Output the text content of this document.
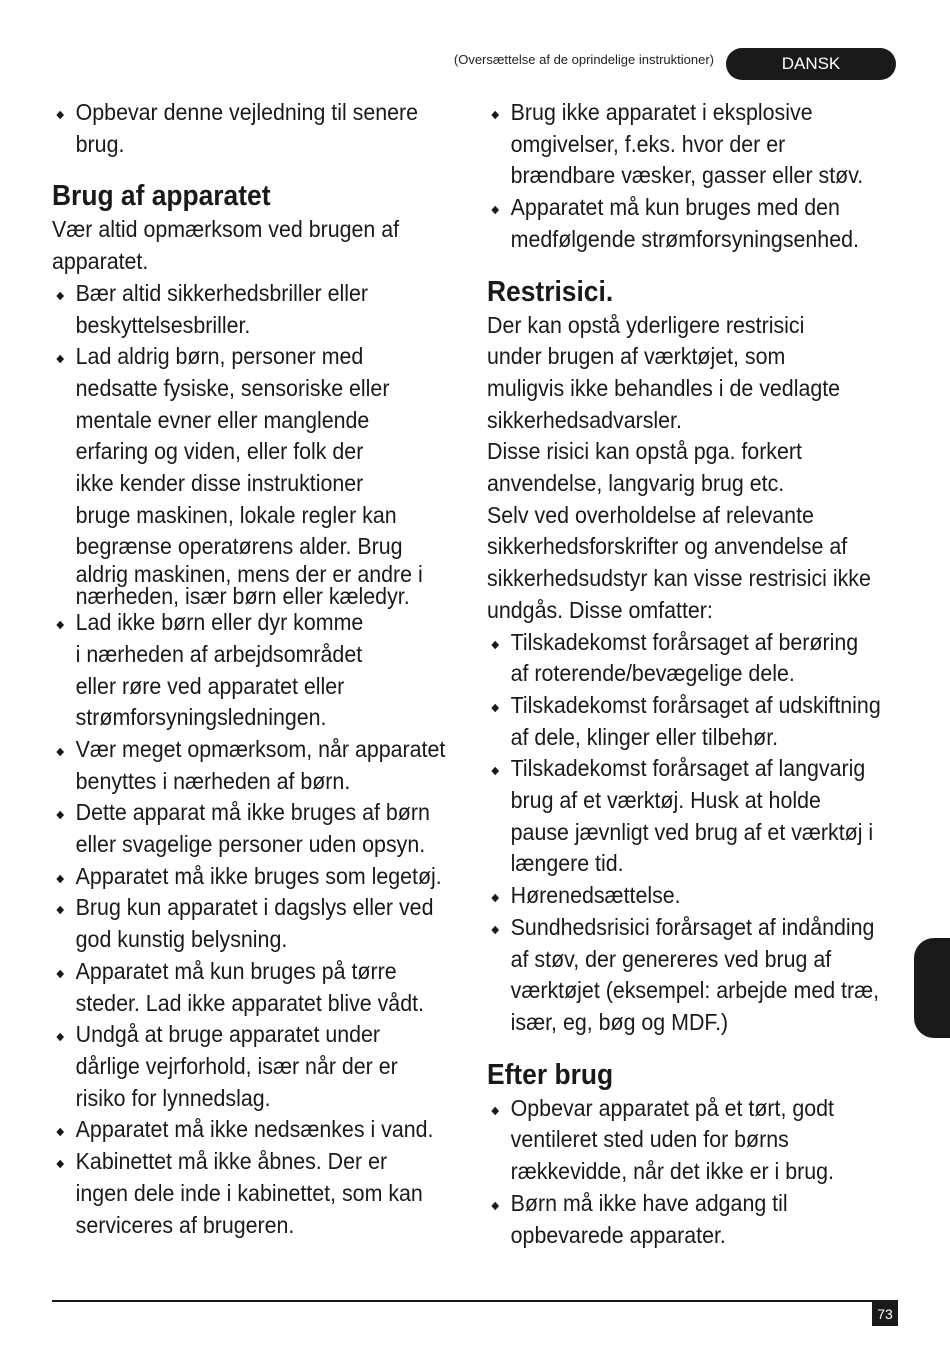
(Oversættelse af de oprindelige instruktioner)	DANSK
Opbevar denne vejledning til senere
brug.
Brug af apparatet

Vær altid opmærksom ved brugen af
apparatet.

Bær altid sikkerhedsbriller eller
beskyttelsesbriller.
Lad aldrig børn, personer med
nedsatte fysiske, sensoriske eller
mentale evner eller manglende
erfaring og viden, eller folk der
ikke kender disse instruktioner
bruge maskinen, lokale regler kan
begrænse operatørens alder. Brug
aldrig maskinen, mens der er andre i
nærheden, især børn eller kæledyr.
Lad ikke børn eller dyr komme
i nærheden af arbejdsområdet
eller røre ved apparatet eller
strømforsyningsledningen.
Vær meget opmærksom, når apparatet
benyttes i nærheden af børn.
Dette apparat må ikke bruges af børn
eller svagelige personer uden opsyn.
Apparatet må ikke bruges som legetøj.
Brug kun apparatet i dagslys eller ved
god kunstig belysning.
Apparatet må kun bruges på tørre
steder. Lad ikke apparatet blive vådt.
Undgå at bruge apparatet under
dårlige vejrforhold, især når der er
risiko for lynnedslag.
Apparatet må ikke nedsænkes i vand.
Kabinettet må ikke åbnes. Der er
ingen dele inde i kabinettet, som kan
serviceres af brugeren.
Brug ikke apparatet i eksplosive
omgivelser, f.eks. hvor der er
brændbare væsker, gasser eller støv.
Apparatet må kun bruges med den
medfølgende strømforsyningsenhed.
Restrisici.

Der kan opstå yderligere restrisici
under brugen af værktøjet, som
muligvis ikke behandles i de vedlagte
sikkerhedsadvarsler.
Disse risici kan opstå pga. forkert
anvendelse, langvarig brug etc.
Selv ved overholdelse af relevante
sikkerhedsforskrifter og anvendelse af
sikkerhedsudstyr kan visse restrisici ikke
undgås. Disse omfatter:

Tilskadekomst forårsaget af berøring
af roterende/bevægelige dele.
Tilskadekomst forårsaget af udskiftning
af dele, klinger eller tilbehør.
Tilskadekomst forårsaget af langvarig
brug af et værktøj. Husk at holde
pause jævnligt ved brug af et værktøj i
længere tid.
Hørenedsættelse.
Sundhedsrisici forårsaget af indånding
af støv, der genereres ved brug af
værktøjet (eksempel: arbejde med træ,
især, eg, bøg og MDF.)
Efter brug
Opbevar apparatet på et tørt, godt
ventileret sted uden for børns
rækkevidde, når det ikke er i brug.
Børn må ikke have adgang til
opbevarede apparater.
73
